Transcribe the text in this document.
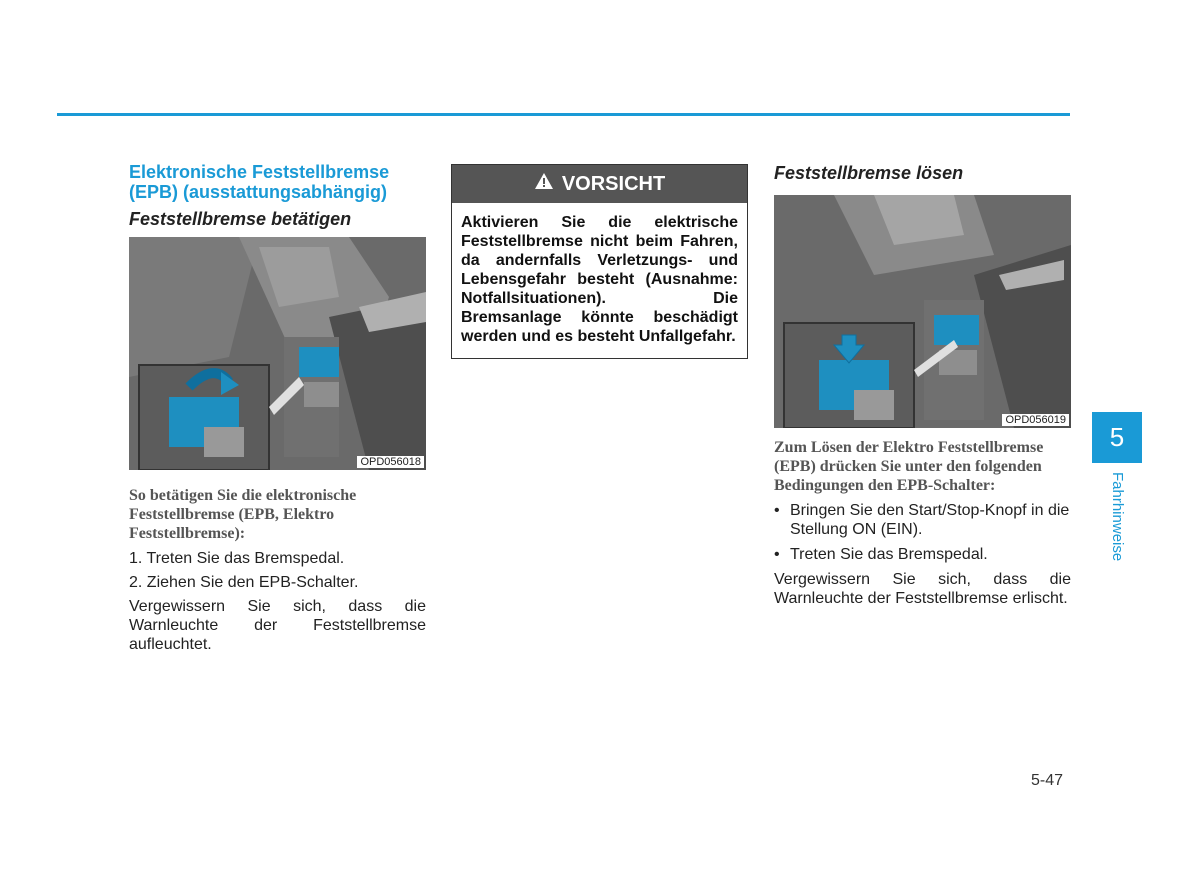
Elektronische Feststellbremse (EPB) (ausstattungsabhängig)
Feststellbremse betätigen
OPD056018

So betätigen Sie die elektronische Feststellbremse (EPB, Elektro Feststellbremse):

1. Treten Sie das Bremspedal.

2. Ziehen Sie den EPB-Schalter.

Vergewissern Sie sich, dass die Warnleuchte der Feststellbremse aufleuchtet.

VORSICHT
Aktivieren Sie die elektrische Feststellbremse nicht beim Fahren, da andernfalls Verletzungs- und Lebensgefahr besteht (Ausnahme: Notfallsituationen). Die Bremsanlage könnte beschädigt werden und es besteht Unfallgefahr.
Feststellbremse lösen
OPD056019

Zum Lösen der Elektro Feststellbremse (EPB) drücken Sie unter den folgenden Bedingungen den EPB-Schalter:

• Bringen Sie den Start/Stop-Knopf in die Stellung ON (EIN).
• Treten Sie das Bremspedal.

Vergewissern Sie sich, dass die Warnleuchte der Feststellbremse erlischt.

5
Fahrhinweise
5-47
